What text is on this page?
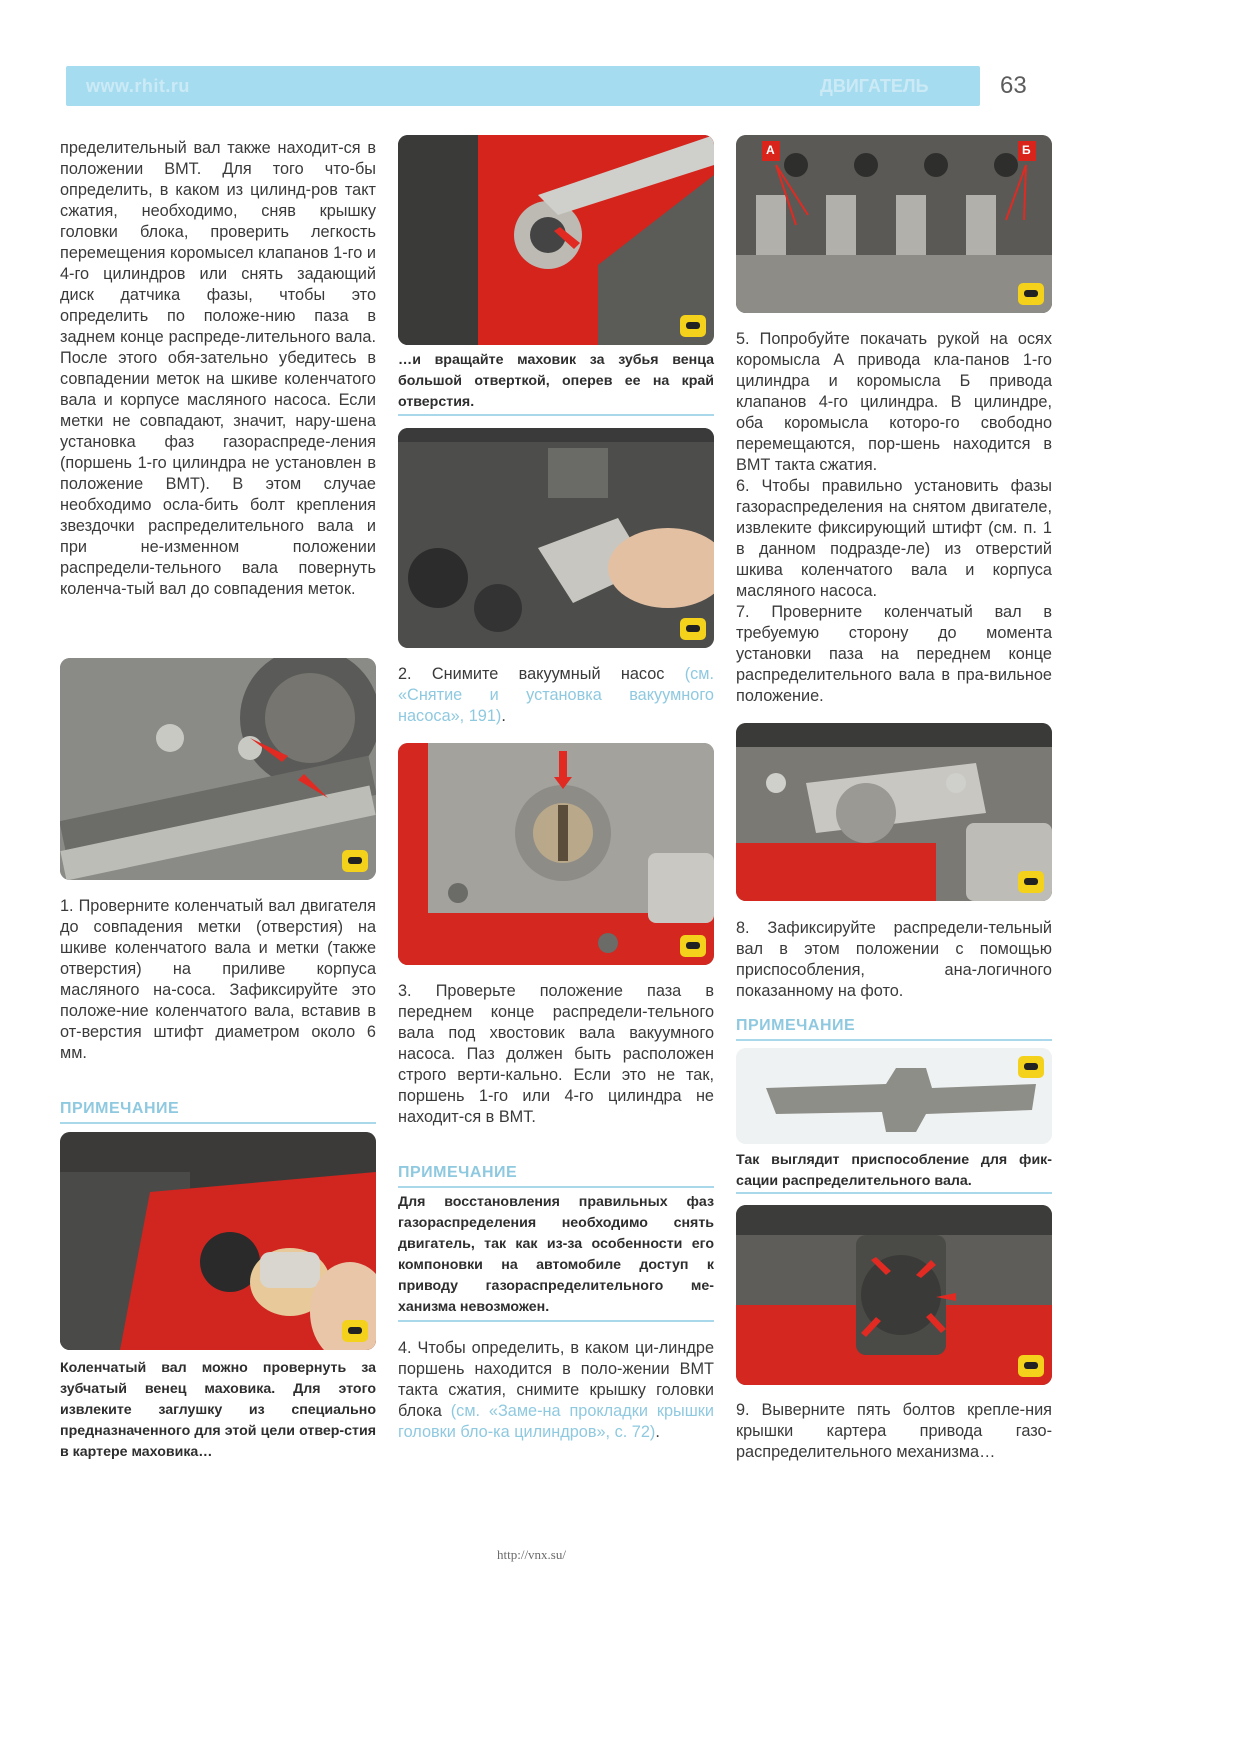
www.rhit.ru	ДВИГАТЕЛЬ	63
пределительный вал также находит-ся в положении ВМТ. Для того что-бы определить, в каком из цилинд-ров такт сжатия, необходимо, сняв крышку головки блока, проверить легкость перемещения коромысел клапанов 1-го и 4-го цилиндров или снять задающий диск датчика фазы, чтобы это определить по положе-нию паза в заднем конце распреде-лительного вала. После этого обя-зательно убедитесь в совпадении меток на шкиве коленчатого вала и корпусе масляного насоса. Если метки не совпадают, значит, нару-шена установка фаз газораспреде-ления (поршень 1-го цилиндра не установлен в положение ВМТ). В этом случае необходимо осла-бить болт крепления звездочки распределительного вала и при не-изменном положении распредели-тельного вала повернуть коленча-тый вал до совпадения меток.
1. Проверните коленчатый вал двигателя до совпадения метки (отверстия) на шкиве коленчатого вала и метки (также отверстия) на приливе корпуса масляного на-соса. Зафиксируйте это положе-ние коленчатого вала, вставив в от-верстия штифт диаметром около 6 мм.
ПРИМЕЧАНИЕ
Коленчатый вал можно провернуть за зубчатый венец маховика. Для этого извлеките заглушку из специально предназначенного для этой цели отвер-стия в картере маховика…
…и вращайте маховик за зубья венца большой отверткой, оперев ее на край отверстия.
2. Снимите вакуумный насос (см. «Снятие и установка вакуумного насоса», 191).
3. Проверьте положение паза в переднем конце распредели-тельного вала под хвостовик вала вакуумного насоса. Паз должен быть расположен строго верти-кально. Если это не так, поршень 1-го или 4-го цилиндра не находит-ся в ВМТ.
ПРИМЕЧАНИЕ
Для восстановления правильных фаз газораспределения необходимо снять двигатель, так как из-за особенности его компоновки на автомобиле доступ к приводу газораспределительного ме-ханизма невозможен.
4. Чтобы определить, в каком ци-линдре поршень находится в поло-жении ВМТ такта сжатия, снимите крышку головки блока (см. «Заме-на прокладки крышки головки бло-ка цилиндров», с. 72).
А	Б
5. Попробуйте покачать рукой на осях коромысла А привода кла-панов 1-го цилиндра и коромысла Б привода клапанов 4-го цилиндра. В цилиндре, оба коромысла которо-го свободно перемещаются, пор-шень находится в ВМТ такта сжатия.
6. Чтобы правильно установить фазы газораспределения на снятом двигателе, извлеките фиксирующий штифт (см. п. 1 в данном подразде-ле) из отверстий шкива коленчатого вала и корпуса масляного насоса.
7. Проверните коленчатый вал в требуемую сторону до момента установки паза на переднем конце распределительного вала в пра-вильное положение.
8. Зафиксируйте распредели-тельный вал в этом положении с помощью приспособления, ана-логичного показанному на фото.
ПРИМЕЧАНИЕ
Так выглядит приспособление для фик-сации распределительного вала.
9. Выверните пять болтов крепле-ния крышки картера привода газо-распределительного механизма…
http://vnx.su/
